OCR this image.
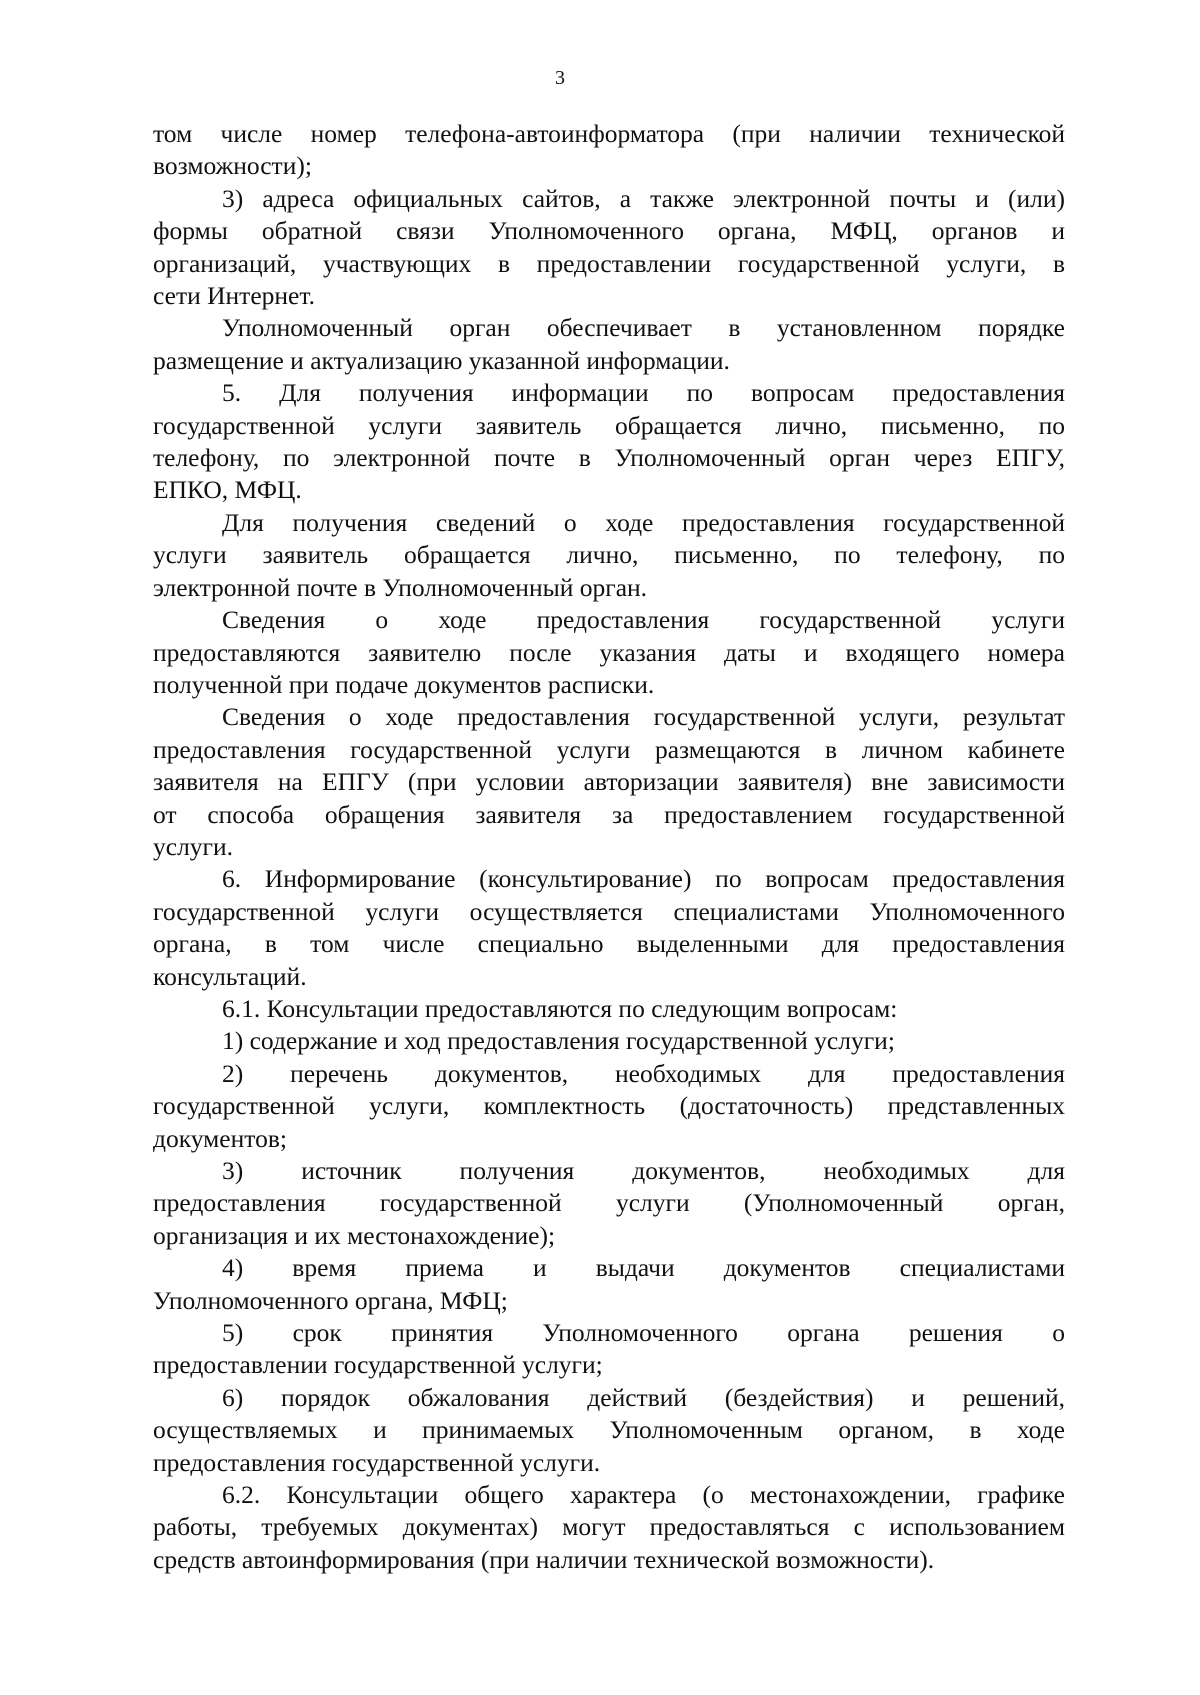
3

том числе номер телефона-автоинформатора (при наличии технической

возможности);

3) адреса официальных сайтов, а также электронной почты и (или)

формы обратной связи Уполномоченного органа, МФЦ, органов и

организаций, участвующих в предоставлении государственной услуги, в

сети Интернет.

Уполномоченный орган обеспечивает в установленном порядке

размещение и актуализацию указанной информации.

5. Для получения информации по вопросам предоставления

государственной услуги заявитель обращается лично, письменно, по

телефону, по электронной почте в Уполномоченный орган через ЕПГУ,

ЕПКО, МФЦ.

Для получения сведений о ходе предоставления государственной

услуги заявитель обращается лично, письменно, по телефону, по

электронной почте в Уполномоченный орган.

Сведения о ходе предоставления государственной услуги

предоставляются заявителю после указания даты и входящего номера

полученной при подаче документов расписки.

Сведения о ходе предоставления государственной услуги, результат

предоставления государственной услуги размещаются в личном кабинете

заявителя на ЕПГУ (при условии авторизации заявителя) вне зависимости

от способа обращения заявителя за предоставлением государственной

услуги.

6. Информирование (консультирование) по вопросам предоставления

государственной услуги осуществляется специалистами Уполномоченного

органа, в том числе специально выделенными для предоставления

консультаций.

6.1. Консультации предоставляются по следующим вопросам:

1) содержание и ход предоставления государственной услуги;

2) перечень документов, необходимых для предоставления

государственной услуги, комплектность (достаточность) представленных

документов;

3) источник получения документов, необходимых для

предоставления государственной услуги (Уполномоченный орган,

организация и их местонахождение);

4) время приема и выдачи документов специалистами

Уполномоченного органа, МФЦ;

5) срок принятия Уполномоченного органа решения о

предоставлении государственной услуги;

6) порядок обжалования действий (бездействия) и решений,

осуществляемых и принимаемых Уполномоченным органом, в ходе

предоставления государственной услуги.

6.2. Консультации общего характера (о местонахождении, графике

работы, требуемых документах) могут предоставляться с использованием

средств автоинформирования (при наличии технической возможности).
